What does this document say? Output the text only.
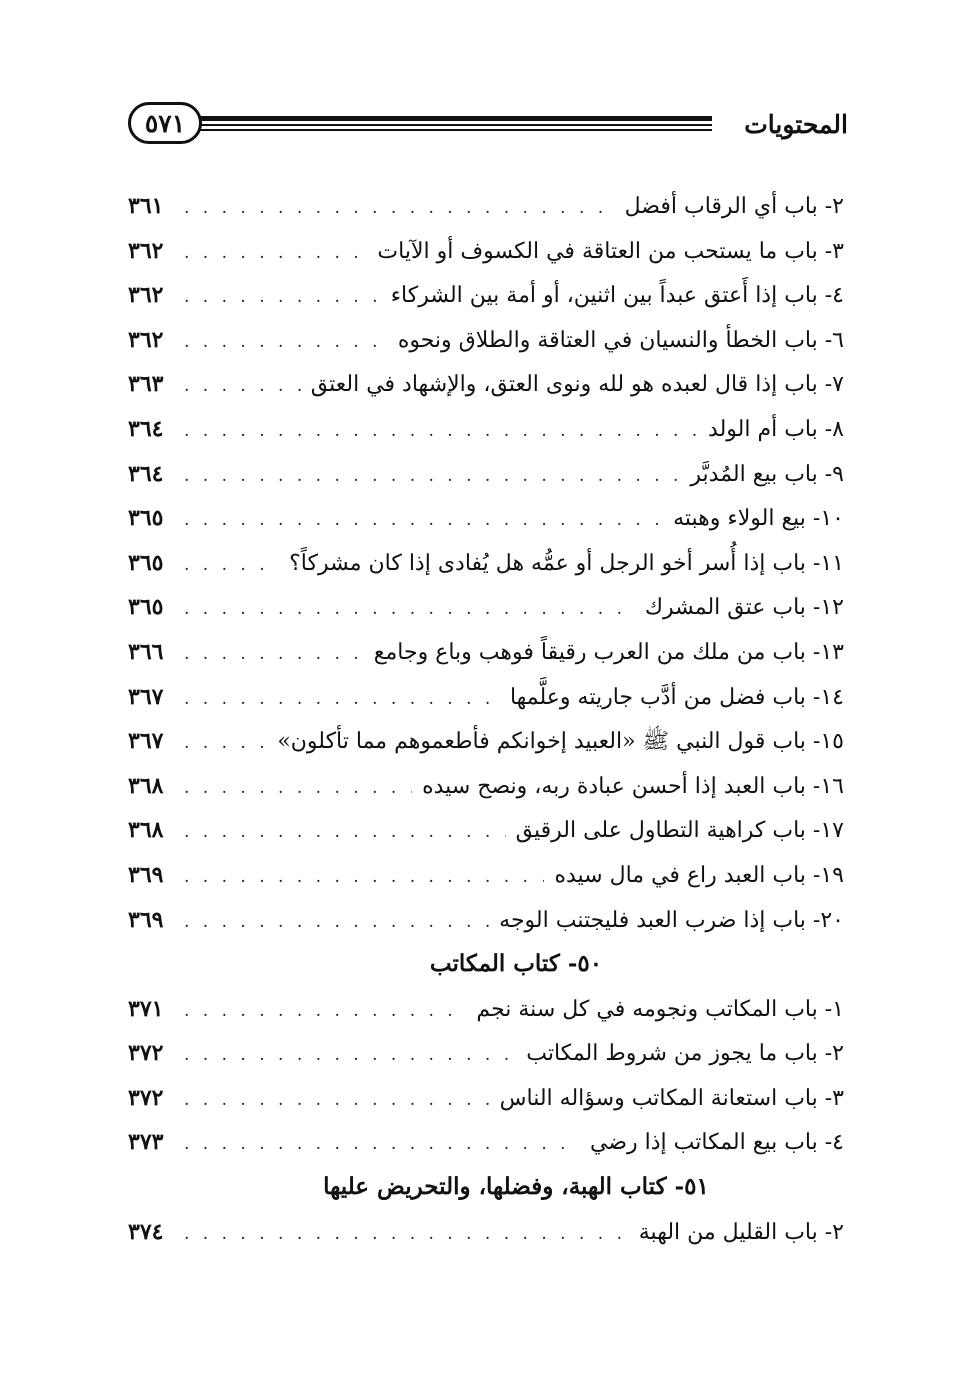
٥٧١	المحتويات
٢- باب أي الرقاب أفضل
. . .
٣٦١
٣- باب ما يستحب من العتاقة في الكسوف أو الآيات
. . .
٣٦٢
٤- باب إذا أَعتق عبداً بين اثنين، أو أمة بين الشركاء
. . .
٣٦٢
٦- باب الخطأ والنسيان في العتاقة والطلاق ونحوه
. . .
٣٦٢
٧- باب إذا قال لعبده هو لله ونوى العتق، والإشهاد في العتق
. . .
٣٦٣
٨- باب أم الولد
. . .
٣٦٤
٩- باب بيع المُدبَّر
. . .
٣٦٤
١٠- بيع الولاء وهبته
. . .
٣٦٥
١١- باب إذا أُسر أخو الرجل أو عمُّه هل يُفادى إذا كان مشركاً؟
. . .
٣٦٥
١٢- باب عتق المشرك
. . .
٣٦٥
١٣- باب من ملك من العرب رقيقاً فوهب وباع وجامع
. . .
٣٦٦
١٤- باب فضل من أدَّب جاريته وعلَّمها
. . .
٣٦٧
١٥- باب قول النبي ﷺ «العبيد إخوانكم فأطعموهم مما تأكلون»
. . .
٣٦٧
١٦- باب العبد إذا أحسن عبادة ربه، ونصح سيده
. . .
٣٦٨
١٧- باب كراهية التطاول على الرقيق
. . .
٣٦٨
١٩- باب العبد راع في مال سيده
. . .
٣٦٩
٢٠- باب إذا ضرب العبد فليجتنب الوجه
. . .
٣٦٩
٥٠- كتاب المكاتب
١- باب المكاتب ونجومه في كل سنة نجم
. . .
٣٧١
٢- باب ما يجوز من شروط المكاتب
. . .
٣٧٢
٣- باب استعانة المكاتب وسؤاله الناس
. . .
٣٧٢
٤- باب بيع المكاتب إذا رضي
. . .
٣٧٣
٥١- كتاب الهبة، وفضلها، والتحريض عليها
٢- باب القليل من الهبة
. . .
٣٧٤
